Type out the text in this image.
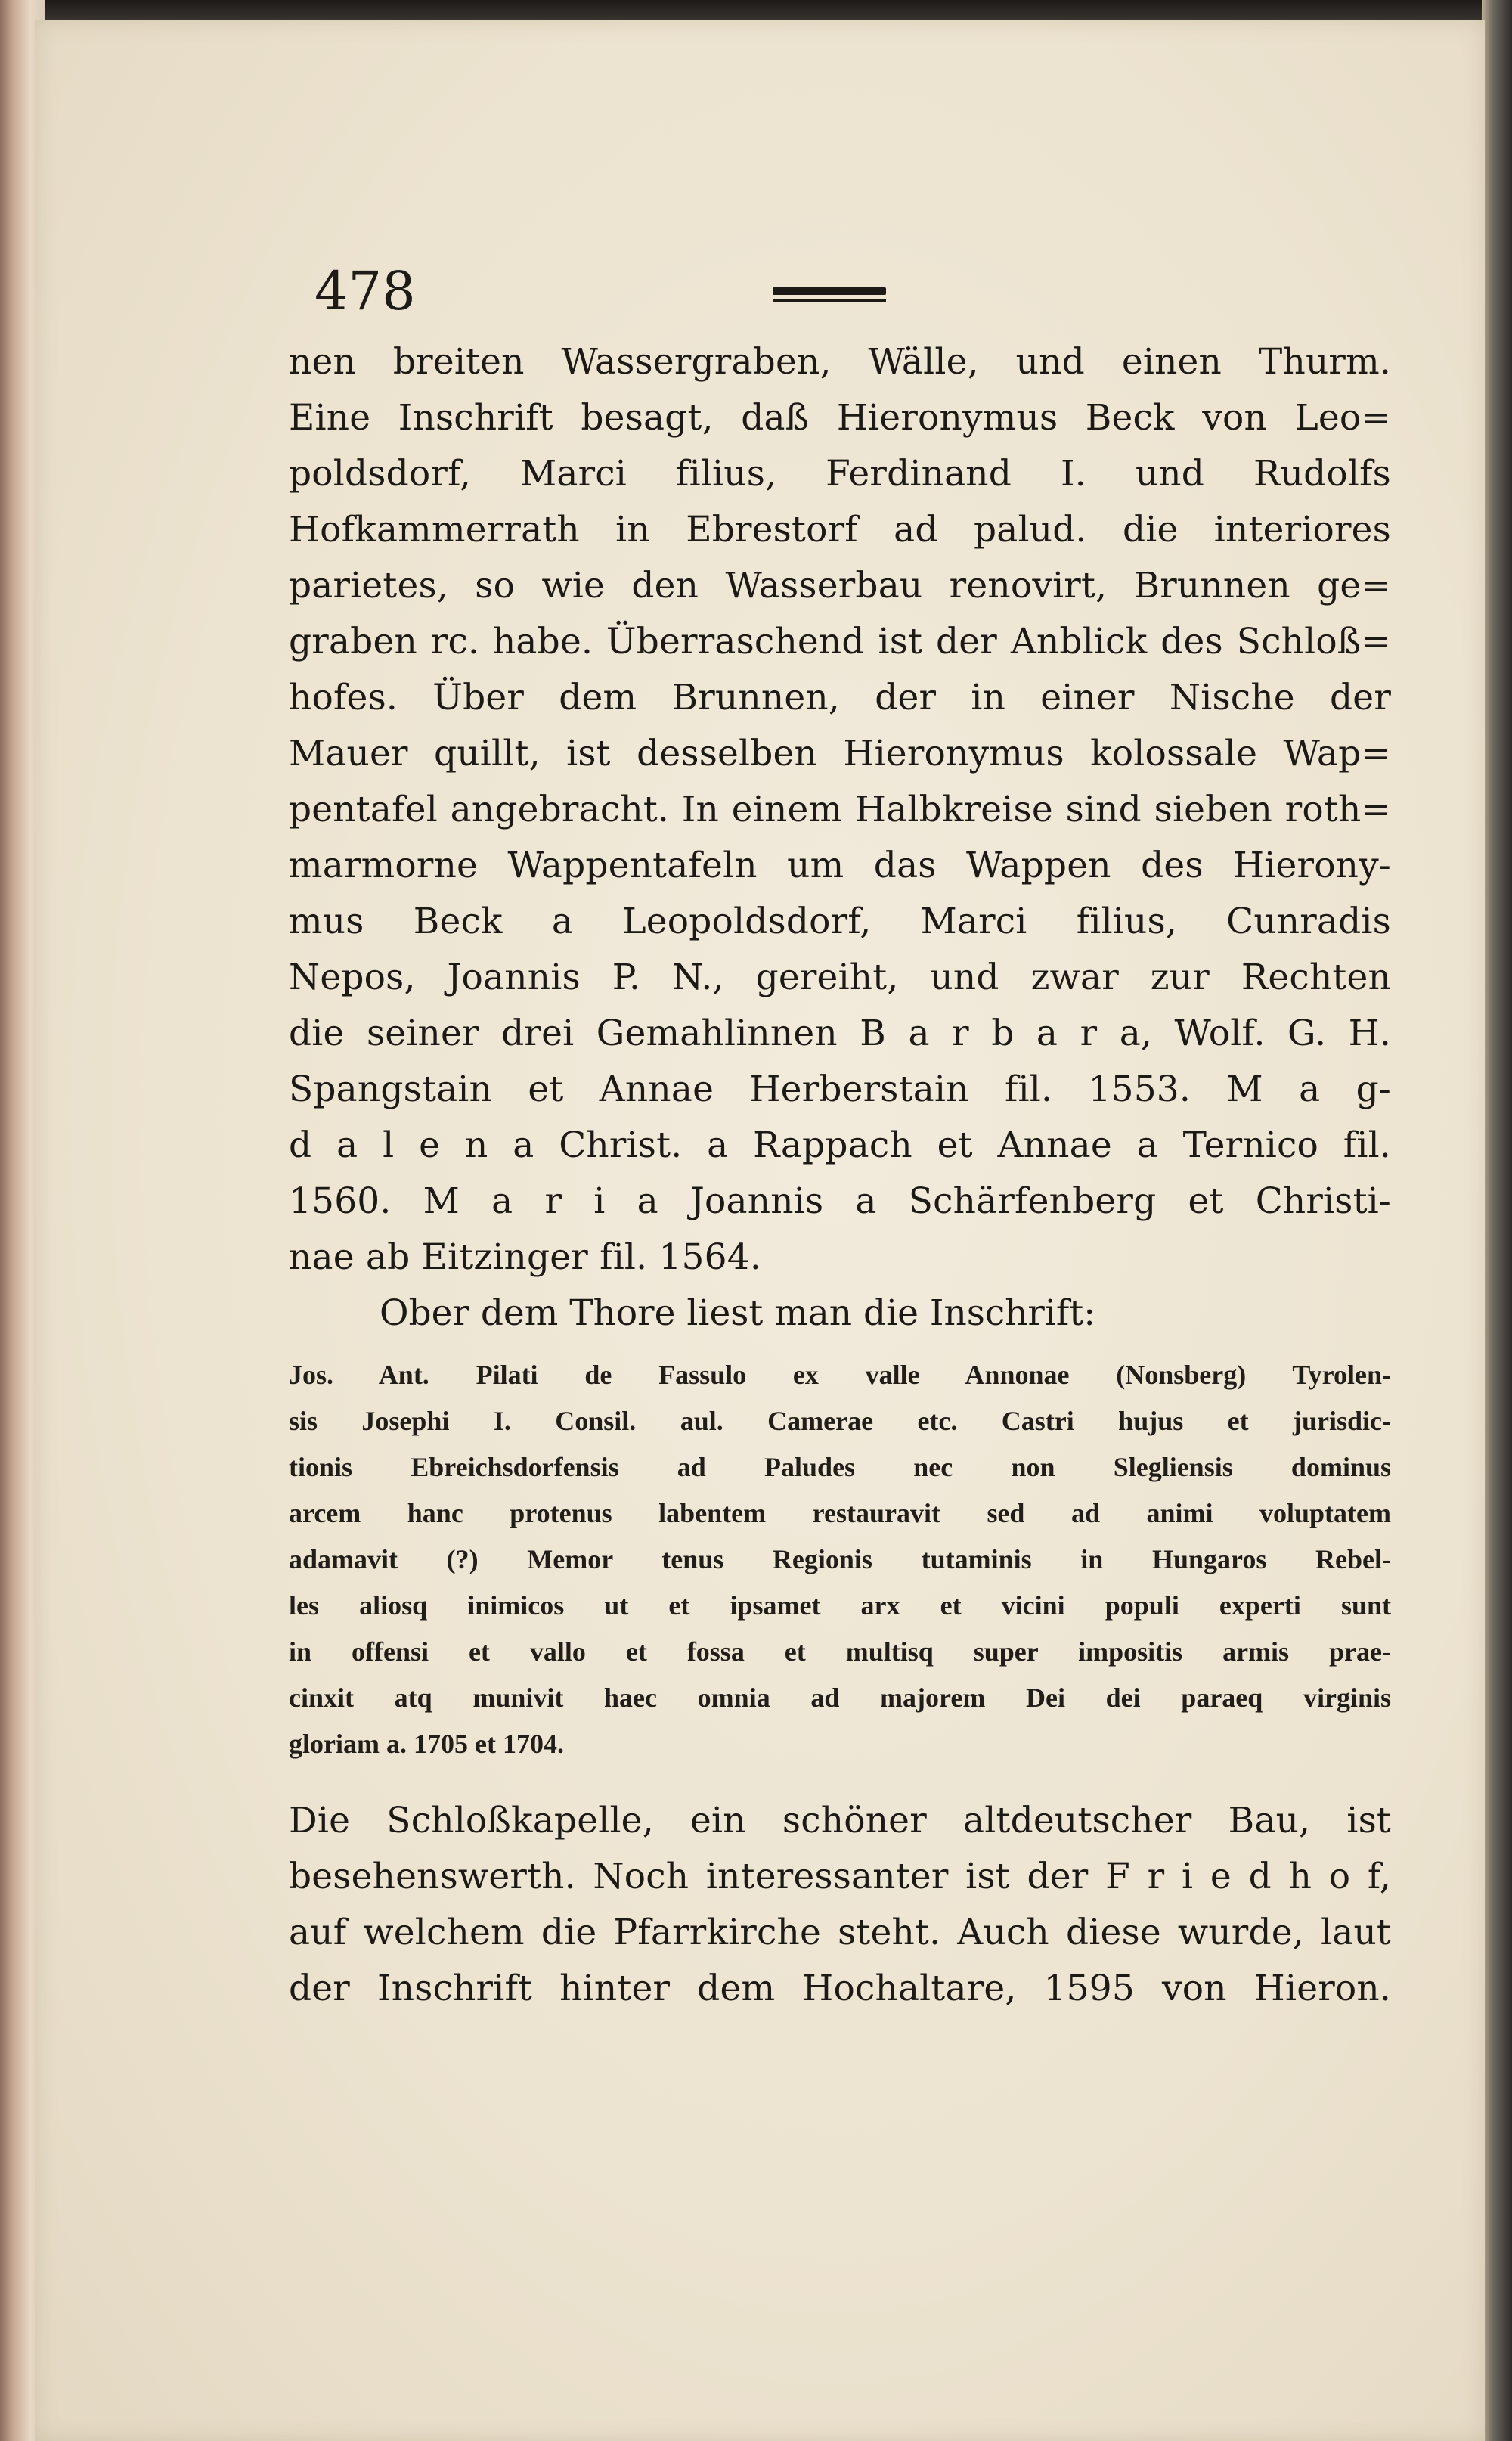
478
nen breiten Wassergraben, Wälle, und einen Thurm.
Eine Inschrift besagt, daß Hieronymus Beck von Leo=
poldsdorf, Marci filius, Ferdinand I. und Rudolfs
Hofkammerrath in Ebrestorf ad palud. die interiores
parietes, so wie den Wasserbau renovirt, Brunnen ge=
graben rc. habe. Überraschend ist der Anblick des Schloß=
hofes. Über dem Brunnen, der in einer Nische der
Mauer quillt, ist desselben Hieronymus kolossale Wap=
pentafel angebracht. In einem Halbkreise sind sieben roth=
marmorne Wappentafeln um das Wappen des Hierony-
mus Beck a Leopoldsdorf, Marci filius, Cunradis
Nepos, Joannis P. N., gereiht, und zwar zur Rechten
die seiner drei Gemahlinnen B a r b a r a, Wolf. G. H.
Spangstain et Annae Herberstain fil. 1553. M a g-
d a l e n a Christ. a Rappach et Annae a Ternico fil.
1560. M a r i a Joannis a Schärfenberg et Christi-
nae ab Eitzinger fil. 1564.
Ober dem Thore liest man die Inschrift:
Jos. Ant. Pilati de Fassulo ex valle Annonae (Nonsberg) Tyrolen-
sis Josephi I. Consil. aul. Camerae etc. Castri hujus et jurisdic-
tionis Ebreichsdorfensis ad Paludes nec non Slegliensis dominus
arcem hanc protenus labentem restauravit sed ad animi voluptatem
adamavit (?) Memor tenus Regionis tutaminis in Hungaros Rebel-
les aliosq inimicos ut et ipsamet arx et vicini populi experti sunt
in offensi et vallo et fossa et multisq super impositis armis prae-
cinxit atq munivit haec omnia ad majorem Dei dei paraeq virginis
gloriam a. 1705 et 1704.
Die Schloßkapelle, ein schöner altdeutscher Bau, ist
besehenswerth. Noch interessanter ist der F r i e d h o f,
auf welchem die Pfarrkirche steht. Auch diese wurde, laut
der Inschrift hinter dem Hochaltare, 1595 von Hieron.
